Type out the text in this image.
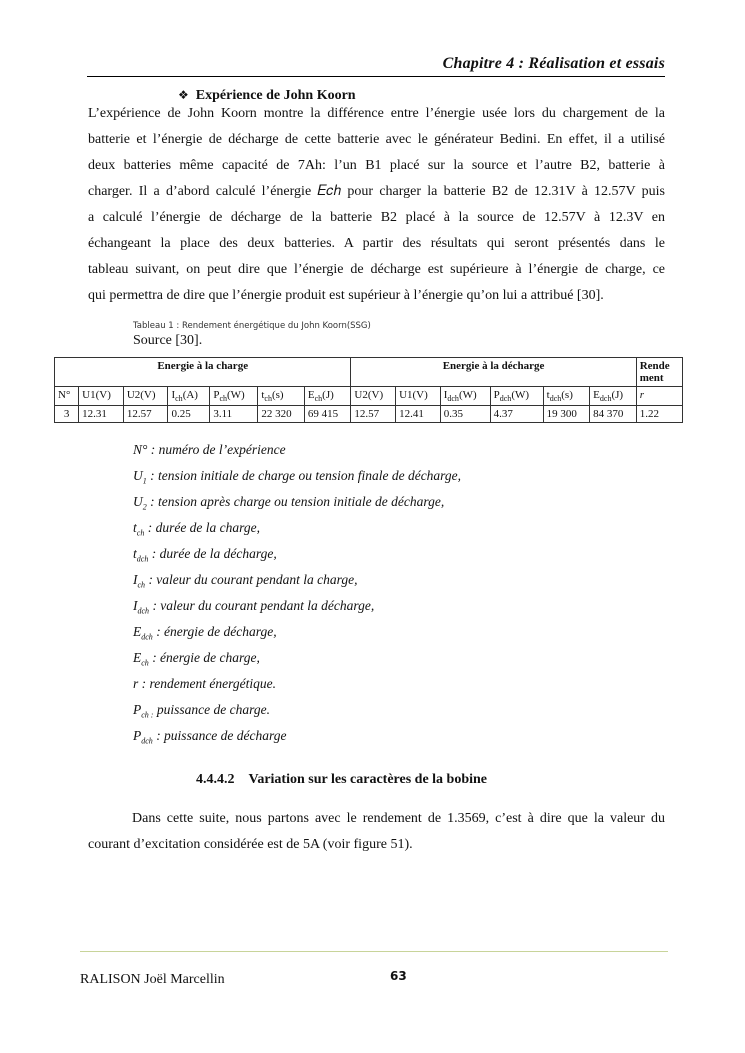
Chapitre 4 : Réalisation et essais
❖ Expérience de John Koorn
L’expérience de John Koorn montre la différence entre l’énergie usée lors du chargement de la
batterie et l’énergie de décharge de cette batterie avec le générateur Bedini. En effet, il a utilisé
deux batteries même capacité de 7Ah: l’un B1 placé sur la source et l’autre B2, batterie à
charger. Il a d’abord calculé l’énergie 𝐸𝑐ℎ pour charger la batterie B2 de 12.31V à 12.57V puis
a calculé l’énergie de décharge de la batterie B2 placé à la source de 12.57V à 12.3V en
échangeant la place des deux batteries. A partir des résultats qui seront présentés dans le
tableau suivant, on peut dire que l’énergie de décharge est supérieure à l’énergie de charge, ce
qui permettra de dire que l’énergie produit est supérieur à l’énergie qu’on lui a attribué [30].
Tableau 1 : Rendement énergétique du John Koorn(SSG)
Source [30].
Energie à la charge							Energie à la décharge						Rende
ment
N°	U1(V)	U2(V)	$I_{ch}(A)$	$P_{ch}(W)$	$t_{ch}(s)$	$E_{ch}(J)$	U2(V)	U1(V)	$I_{dch}(W)$	$P_{dch}(W)$	$t_{dch}(s)$	$E_{dch}(J)$	r
3	12.31	12.57	0.25	3.11	22 320	69 415	12.57	12.41	0.35	4.37	19 300	84 370	1.22
N° : numéro de l’expérience
$U_1$ : tension initiale de charge ou tension finale de décharge,
$U_2$ : tension après charge ou tension initiale de décharge,
$t_{ch}$ : durée de la charge,
$t_{dch}$ : durée de la décharge,
$I_{ch}$ : valeur du courant pendant la charge,
$I_{dch}$ : valeur du courant pendant la décharge,
$E_{dch}$ : énergie de décharge,
$E_{ch}$ : énergie de charge,
r : rendement énergétique.
$P_{ch :}$ puissance de charge.
$P_{dch}$ : puissance de décharge
4.4.4.2 Variation sur les caractères de la bobine
Dans cette suite, nous partons avec le rendement de 1.3569, c’est à dire que la valeur du
courant d’excitation considérée est de 5A (voir figure 51).
RALISON Joël Marcellin	63
